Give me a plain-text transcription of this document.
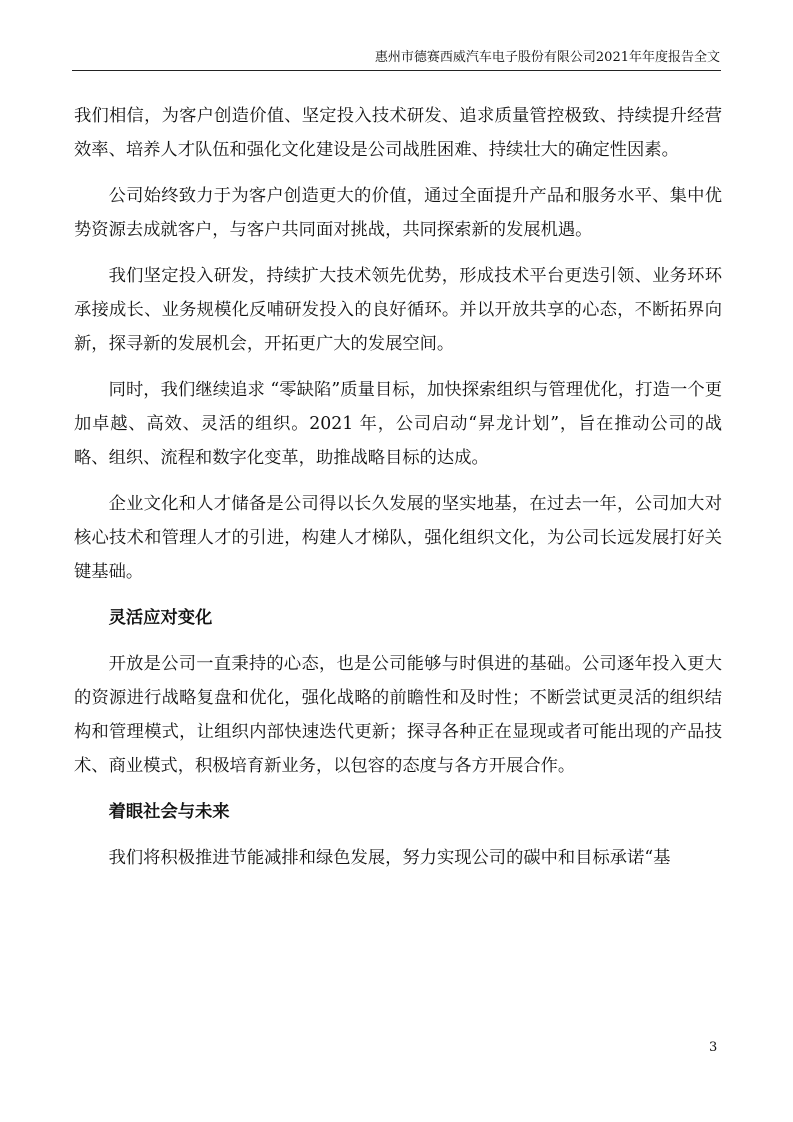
惠州市德赛西威汽车电子股份有限公司2021年年度报告全文

我们相信，为客户创造价值、坚定投入技术研发、追求质量管控极致、持续提升经营效率、培养人才队伍和强化文化建设是公司战胜困难、持续壮大的确定性因素。

公司始终致力于为客户创造更大的价值，通过全面提升产品和服务水平、集中优势资源去成就客户，与客户共同面对挑战，共同探索新的发展机遇。

我们坚定投入研发，持续扩大技术领先优势，形成技术平台更迭引领、业务环环承接成长、业务规模化反哺研发投入的良好循环。并以开放共享的心态，不断拓界向新，探寻新的发展机会，开拓更广大的发展空间。

同时，我们继续追求 “零缺陷”质量目标，加快探索组织与管理优化，打造一个更加卓越、高效、灵活的组织。2021 年，公司启动“昇龙计划”，旨在推动公司的战略、组织、流程和数字化变革，助推战略目标的达成。

企业文化和人才储备是公司得以长久发展的坚实地基，在过去一年，公司加大对核心技术和管理人才的引进，构建人才梯队，强化组织文化，为公司长远发展打好关键基础。

灵活应对变化

开放是公司一直秉持的心态，也是公司能够与时俱进的基础。公司逐年投入更大的资源进行战略复盘和优化，强化战略的前瞻性和及时性；不断尝试更灵活的组织结构和管理模式，让组织内部快速迭代更新；探寻各种正在显现或者可能出现的产品技术、商业模式，积极培育新业务，以包容的态度与各方开展合作。

着眼社会与未来

我们将积极推进节能减排和绿色发展，努力实现公司的碳中和目标承诺“基

3
